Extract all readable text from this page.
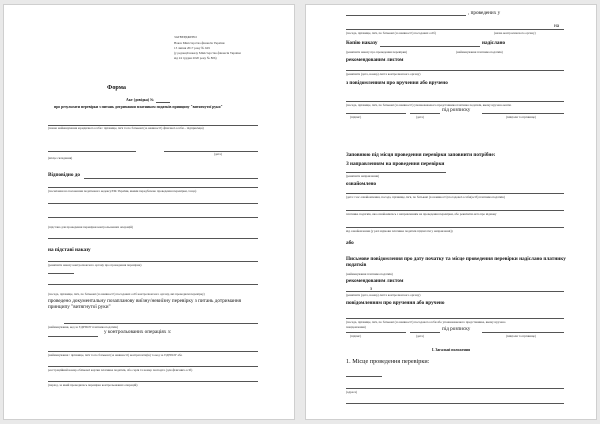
ЗАТВЕРДЖЕНО
Наказ Міністерства фінансів України
13 липня 2017 року № 629
(у редакції наказу Міністерства фінансів України
від 24 грудня 2020 року № 806)
Форма
Акт (довідка) №
про результати перевірки з питань дотримання платником податків принципу "витягнутої руки"
(повне найменування юридичної особи / прізвище, ім'я та по батькові (за наявності) фізичної особи – підприємця)
(дата)
(місце складання)
Відповідно до
(посилання на положення податкового кодексу/ПК України, якими передбачено проведення перевірки, тощо)
(підстава для проведення перевірки контрольованих операцій)
на підставі наказу
(реквізити наказу контролюючого органу про проведення перевірки)
(посада, прізвище, ім'я, по батькові (за наявності) посадових осіб контролюючого органу, які проводили перевірку)
проведено документальну позапланову виїзну/невиїзну перевірку з питань дотримання принципу "витягнутої руки"
(найменування, код за ЄДРПОУ платника податків)
у контрольованих операціях з:
(найменування / прізвище, ім'я та по батькові (за наявності) контрагента(ів) та код за ЄДРПОУ або
реєстраційний номер облікової картки платника податків, або серія та номер паспорта (для фізичних осіб)
(період, за який проводилась перевірка контрольованих операцій)
, проведених у
на
(посада, прізвище, ім'я, по батькові (за наявності) посадових осіб)	(назва контролюючого органу)
Копію наказу	надіслано
(реквізити наказу про проведення перевірки)	(найменування платника податків)
рекомендованим листом
(реквізити (дата, номер) листа контролюючого органу)
з повідомленням про вручення або вручено
(посада, прізвище, ім'я, по батькові (за наявності) уповноваженого представника платника податків, якому вручено копію
під розписку
(підпис)	(дата)	(ініціали та прізвище)
Заповнюю під місця проведення перевірки заповнити потрібне:
З направленням на проведення перевірки
(реквізити направлення)
ознайомлено
(дата і час ознайомлення, посада, прізвище, ім'я, по батькові (за наявності) посадової особи(осіб) платника податків)
платника податків, яка ознайомилась з направленням на проведення перевірки, або реквізити акта про відмову
від ознайомлення (у разі відмови платника податків підписати у направленні))
або
Письмове повідомлення про дату початку та місце проведення перевірки надіслано платнику податків
(найменування платника податків)
рекомендованим листом
з
(реквізити (дата, номер) листа контролюючого органу)
повідомленням про вручення або вручено
(посада, прізвище, ім'я, по батькові (за наявності) посадової особи або уповноваженого представника, якому вручено
повідомлення)	під розписку
(підпис)	(дата)	(ініціали та прізвище)
І. Загальні положення
1. Місце проведення перевірки:
(адреса)
